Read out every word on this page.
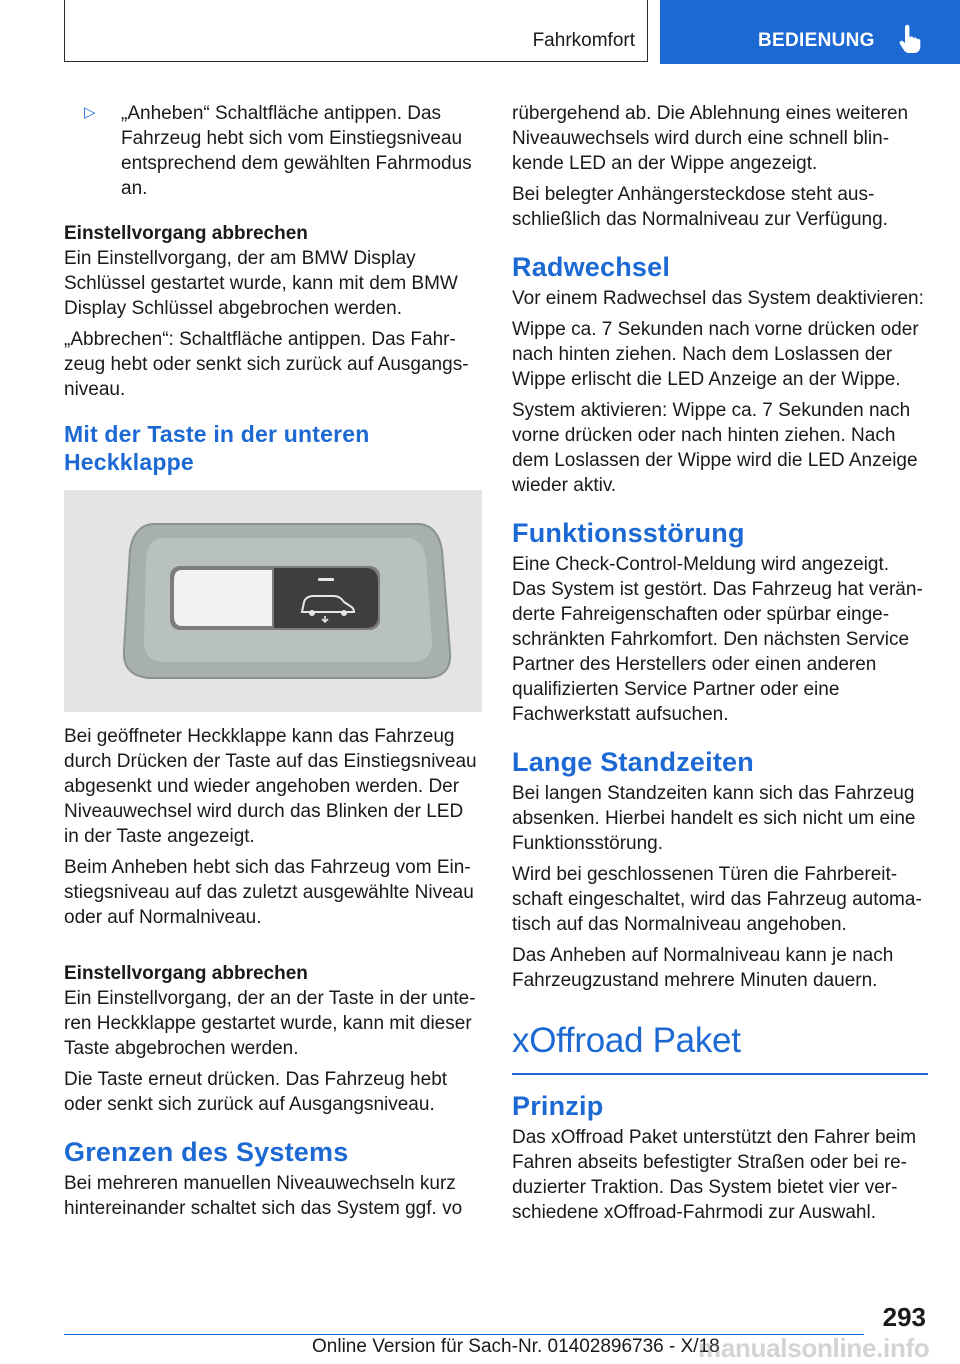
Fahrkomfort	BEDIENUNG
▷ „Anheben“ Schaltfläche antippen. Das Fahrzeug hebt sich vom Einstiegsniveau entsprechend dem gewählten Fahrmodus an.

Einstellvorgang abbrechen

Ein Einstellvorgang, der am BMW Display Schlüssel gestartet wurde, kann mit dem BMW Display Schlüssel abgebrochen werden.

„Abbrechen“: Schaltfläche antippen. Das Fahrzeug hebt oder senkt sich zurück auf Ausgangsniveau.

Mit der Taste in der unteren Heckklappe

Bei geöffneter Heckklappe kann das Fahrzeug durch Drücken der Taste auf das Einstiegsniveau abgesenkt und wieder angehoben werden. Der Niveauwechsel wird durch das Blinken der LED in der Taste angezeigt.

Beim Anheben hebt sich das Fahrzeug vom Einstiegsniveau auf das zuletzt ausgewählte Niveau oder auf Normalniveau.

Einstellvorgang abbrechen

Ein Einstellvorgang, der an der Taste in der unteren Heckklappe gestartet wurde, kann mit dieser Taste abgebrochen werden.

Die Taste erneut drücken. Das Fahrzeug hebt oder senkt sich zurück auf Ausgangsniveau.

Grenzen des Systems

Bei mehreren manuellen Niveauwechseln kurz hintereinander schaltet sich das System ggf. vo

rübergehend ab. Die Ablehnung eines weiteren Niveauwechsels wird durch eine schnell blinkende LED an der Wippe angezeigt.

Bei belegter Anhängersteckdose steht ausschließlich das Normalniveau zur Verfügung.

Radwechsel

Vor einem Radwechsel das System deaktivieren:

Wippe ca. 7 Sekunden nach vorne drücken oder nach hinten ziehen. Nach dem Loslassen der Wippe erlischt die LED Anzeige an der Wippe.

System aktivieren: Wippe ca. 7 Sekunden nach vorne drücken oder nach hinten ziehen. Nach dem Loslassen der Wippe wird die LED Anzeige wieder aktiv.

Funktionsstörung

Eine Check-Control-Meldung wird angezeigt. Das System ist gestört. Das Fahrzeug hat veränderte Fahreigenschaften oder spürbar eingeschränkten Fahrkomfort. Den nächsten Service Partner des Herstellers oder einen anderen qualifizierten Service Partner oder eine Fachwerkstatt aufsuchen.

Lange Standzeiten

Bei langen Standzeiten kann sich das Fahrzeug absenken. Hierbei handelt es sich nicht um eine Funktionsstörung.

Wird bei geschlossenen Türen die Fahrbereitschaft eingeschaltet, wird das Fahrzeug automatisch auf das Normalniveau angehoben.

Das Anheben auf Normalniveau kann je nach Fahrzeugzustand mehrere Minuten dauern.

xOffroad Paket

Prinzip

Das xOffroad Paket unterstützt den Fahrer beim Fahren abseits befestigter Straßen oder bei reduzierter Traktion. Das System bietet vier verschiedene xOffroad-Fahrmodi zur Auswahl.

293
Online Version für Sach-Nr. 01402896736 - X/18
manualsonline.info
